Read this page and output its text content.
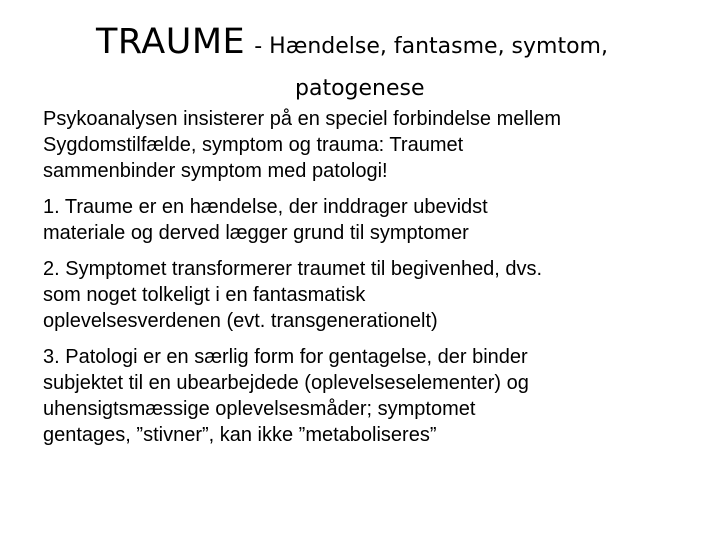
TRAUME - Hændelse, fantasme, symtom,
patogenese

Psykoanalysen insisterer på en speciel forbindelse mellem
Sygdomstilfælde, symptom og trauma: Traumet
sammenbinder symptom med patologi!

1. Traume er en hændelse, der inddrager ubevidst
materiale og derved lægger grund til symptomer

2. Symptomet transformerer traumet til begivenhed, dvs.
som noget tolkeligt i en fantasmatisk
oplevelsesverdenen (evt. transgenerationelt)

3. Patologi er en særlig form for gentagelse, der binder
subjektet til en ubearbejdede (oplevelseselementer) og
uhensigtsmæssige oplevelsesmåder; symptomet
gentages, ”stivner”, kan ikke ”metaboliseres”
